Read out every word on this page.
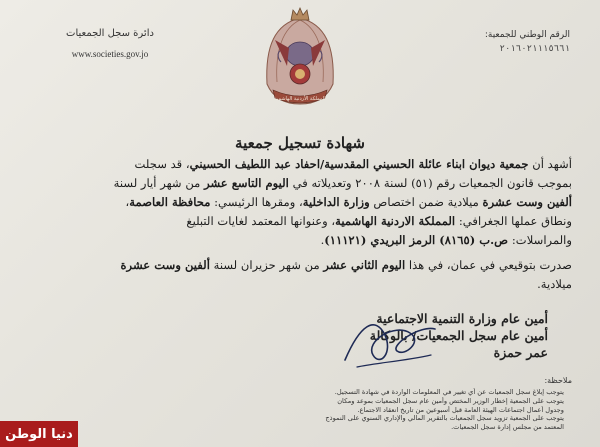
الرقم الوطني للجمعية:
٢٠١٦٠٢١١١٥٦٦١
دائرة سجل الجمعيات
www.societies.gov.jo
المملكة الأردنية الهاشمية
شهادة تسجيل جمعية

أشهد أن جمعية ديوان ابناء عائلة الحسيني المقدسية/احفاد عبد اللطيف الحسيني، قد سجلت

بموجب قانون الجمعيات رقم (٥١) لسنة ٢٠٠٨ وتعديلاته في اليوم التاسع عشر من شهر أيار لسنة

ألفين وست عشرة ميلادية ضمن اختصاص وزارة الداخلية، ومقرها الرئيسي: محافظة العاصمة،

ونطاق عملها الجغرافي: المملكة الاردنية الهاشمية، وعنوانها المعتمد لغايات التبليغ

والمراسلات: ص.ب (٨١٦٥) الرمز البريدي (١١١٢١).

صدرت بتوقيعي في عمان، في هذا اليوم الثاني عشر من شهر حزيران لسنة ألفين وست عشرة

ميلادية.

أمين عام وزارة التنمية الاجتماعية
أمين عام سجل الجمعيات/ بالوكالة
عمر حمزة
ملاحظة:

يتوجب إبلاغ سجل الجمعيات عن أي تغيير في المعلومات الواردة في شهادة التسجيل.

يتوجب على الجمعية إخطار الوزير المختص وأمين عام سجل الجمعيات بموعد ومكان

وجدول أعمال اجتماعات الهيئة العامة قبل أسبوعين من تاريخ انعقاد الاجتماع.

يتوجب على الجمعية تزويد سجل الجمعيات بالتقرير المالي والإداري السنوي على النموذج

المعتمد من مجلس إدارة سجل الجمعيات.

دنيا الوطن
